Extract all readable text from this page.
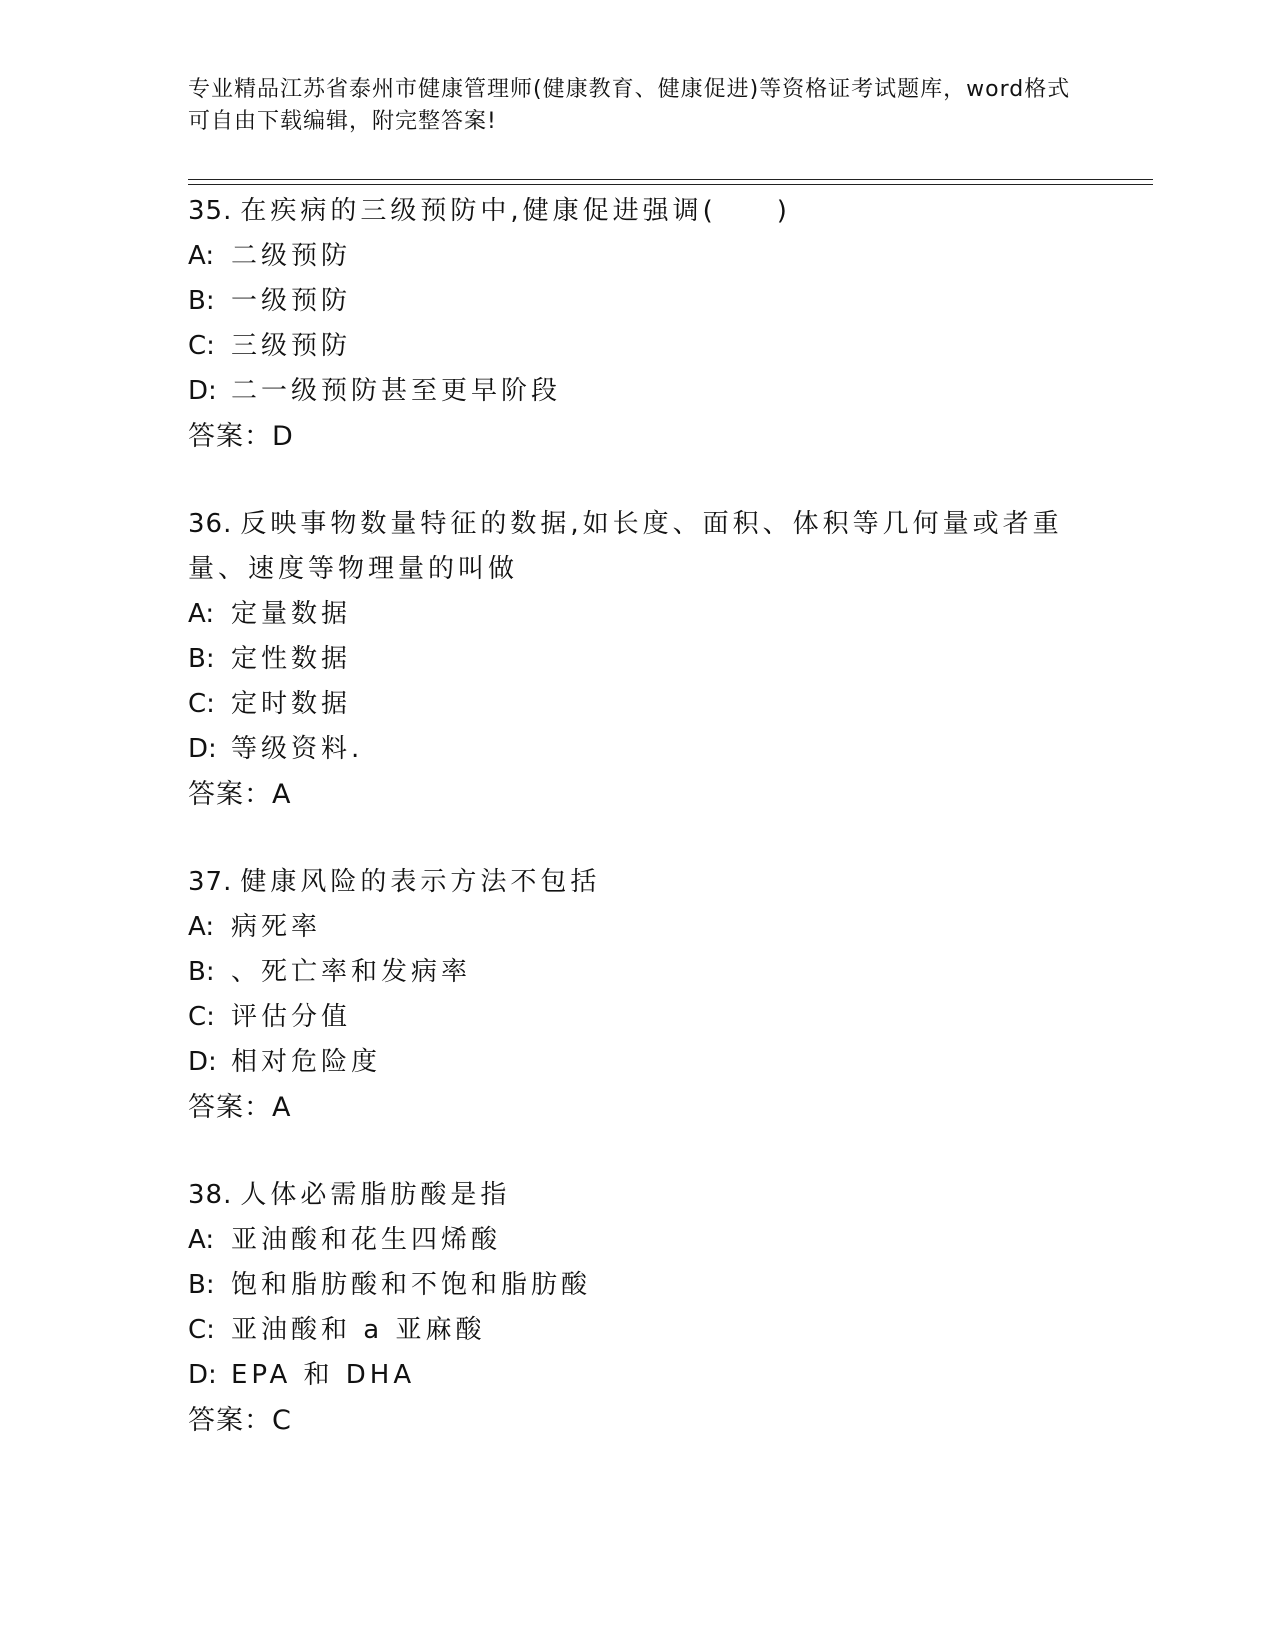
专业精品江苏省泰州市健康管理师(健康教育、健康促进)等资格证考试题库，word格式可自由下载编辑，附完整答案!
35. 在疾病的三级预防中,健康促进强调(　　)
A: 二级预防
B: 一级预防
C: 三级预防
D: 二一级预防甚至更早阶段
答案：D
36. 反映事物数量特征的数据,如长度、面积、体积等几何量或者重量、速度等物理量的叫做
A: 定量数据
B: 定性数据
C: 定时数据
D: 等级资料.
答案：A
37. 健康风险的表示方法不包括
A: 病死率
B: 、死亡率和发病率
C: 评估分值
D: 相对危险度
答案：A
38. 人体必需脂肪酸是指
A: 亚油酸和花生四烯酸
B: 饱和脂肪酸和不饱和脂肪酸
C: 亚油酸和 a 亚麻酸
D: EPA 和 DHA
答案：C
